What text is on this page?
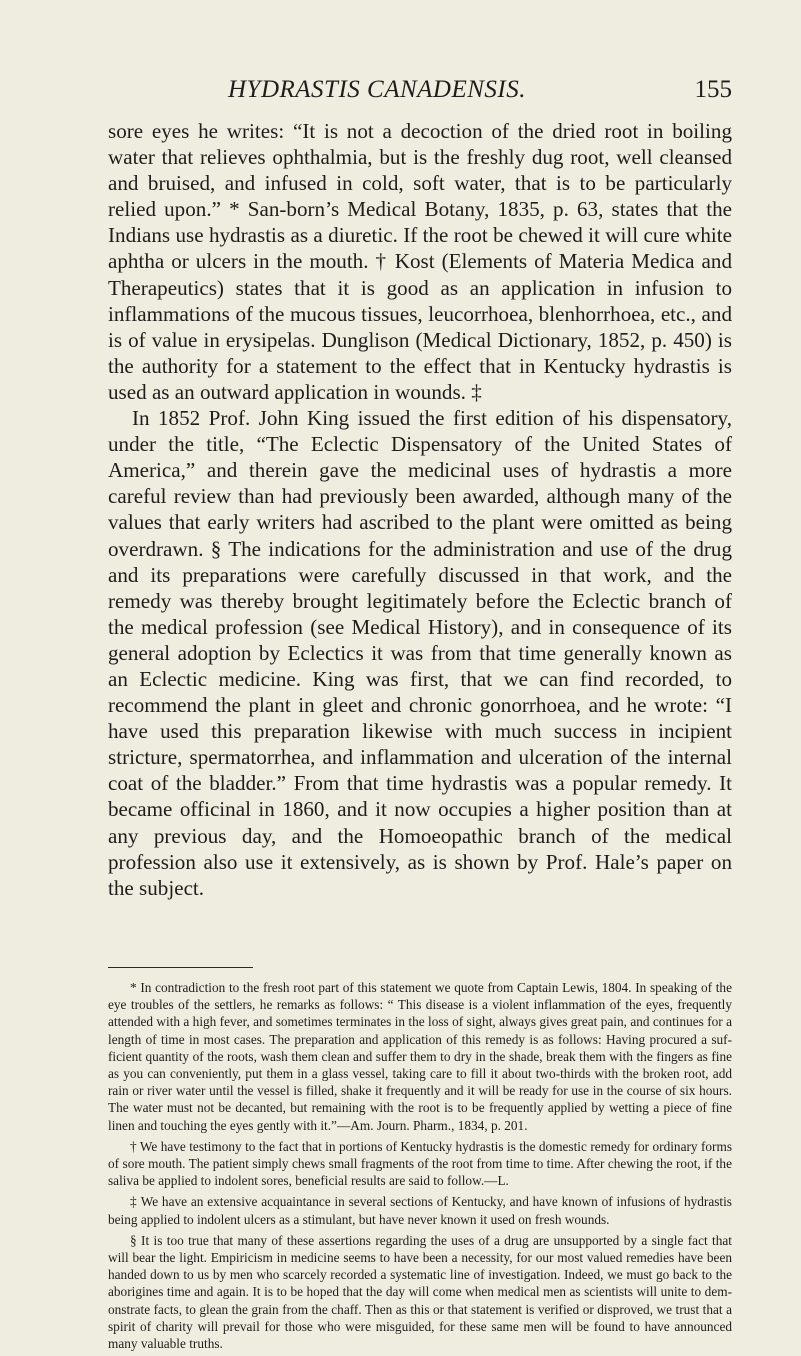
HYDRASTIS CANADENSIS.	155

sore eyes he writes: “It is not a decoction of the dried root in boiling water that relieves ophthalmia, but is the freshly dug root, well cleansed and bruised, and infused in cold, soft water, that is to be particularly relied upon.” * San-born’s Medical Botany, 1835, p. 63, states that the Indians use hydrastis as a diuretic. If the root be chewed it will cure white aphtha or ulcers in the mouth. † Kost (Elements of Materia Medica and Therapeutics) states that it is good as an application in infusion to inflammations of the mucous tissues, leucorrhoea, blenhorrhoea, etc., and is of value in erysipelas. Dunglison (Medical Dictionary, 1852, p. 450) is the authority for a statement to the effect that in Kentucky hydrastis is used as an outward application in wounds. ‡

In 1852 Prof. John King issued the first edition of his dispensatory, under the title, “The Eclectic Dispensatory of the United States of America,” and therein gave the medicinal uses of hydrastis a more careful review than had previously been awarded, although many of the values that early writers had ascribed to the plant were omitted as being overdrawn. § The indications for the administration and use of the drug and its preparations were carefully discussed in that work, and the remedy was thereby brought legitimately before the Eclectic branch of the medical profession (see Medical History), and in consequence of its general adoption by Eclectics it was from that time generally known as an Eclectic medicine. King was first, that we can find recorded, to recommend the plant in gleet and chronic gonorrhoea, and he wrote: “I have used this preparation likewise with much success in incipient stricture, spermatorrhea, and inflammation and ulceration of the internal coat of the bladder.” From that time hydrastis was a popular remedy. It became officinal in 1860, and it now occupies a higher position than at any previous day, and the Homoeopathic branch of the medical profession also use it extensively, as is shown by Prof. Hale’s paper on the subject.

* In contradiction to the fresh root part of this statement we quote from Captain Lewis, 1804. In speaking of the eye troubles of the settlers, he remarks as follows: “ This disease is a violent inflammation of the eyes, frequently attended with a high fever, and sometimes terminates in the loss of sight, always gives great pain, and continues for a length of time in most cases. The preparation and application of this remedy is as follows: Having procured a suf-ficient quantity of the roots, wash them clean and suffer them to dry in the shade, break them with the fingers as fine as you can conveniently, put them in a glass vessel, taking care to fill it about two-thirds with the broken root, add rain or river water until the vessel is filled, shake it frequently and it will be ready for use in the course of six hours. The water must not be decanted, but remaining with the root is to be frequently applied by wetting a piece of fine linen and touching the eyes gently with it.”—Am. Journ. Pharm., 1834, p. 201.

† We have testimony to the fact that in portions of Kentucky hydrastis is the domestic remedy for ordinary forms of sore mouth. The patient simply chews small fragments of the root from time to time. After chewing the root, if the saliva be applied to indolent sores, beneficial results are said to follow.—L.

‡ We have an extensive acquaintance in several sections of Kentucky, and have known of infusions of hydrastis being applied to indolent ulcers as a stimulant, but have never known it used on fresh wounds.

§ It is too true that many of these assertions regarding the uses of a drug are unsupported by a single fact that will bear the light. Empiricism in medicine seems to have been a necessity, for our most valued remedies have been handed down to us by men who scarcely recorded a systematic line of investigation. Indeed, we must go back to the aborigines time and again. It is to be hoped that the day will come when medical men as scientists will unite to dem-onstrate facts, to glean the grain from the chaff. Then as this or that statement is verified or disproved, we trust that a spirit of charity will prevail for those who were misguided, for these same men will be found to have announced many valuable truths.
